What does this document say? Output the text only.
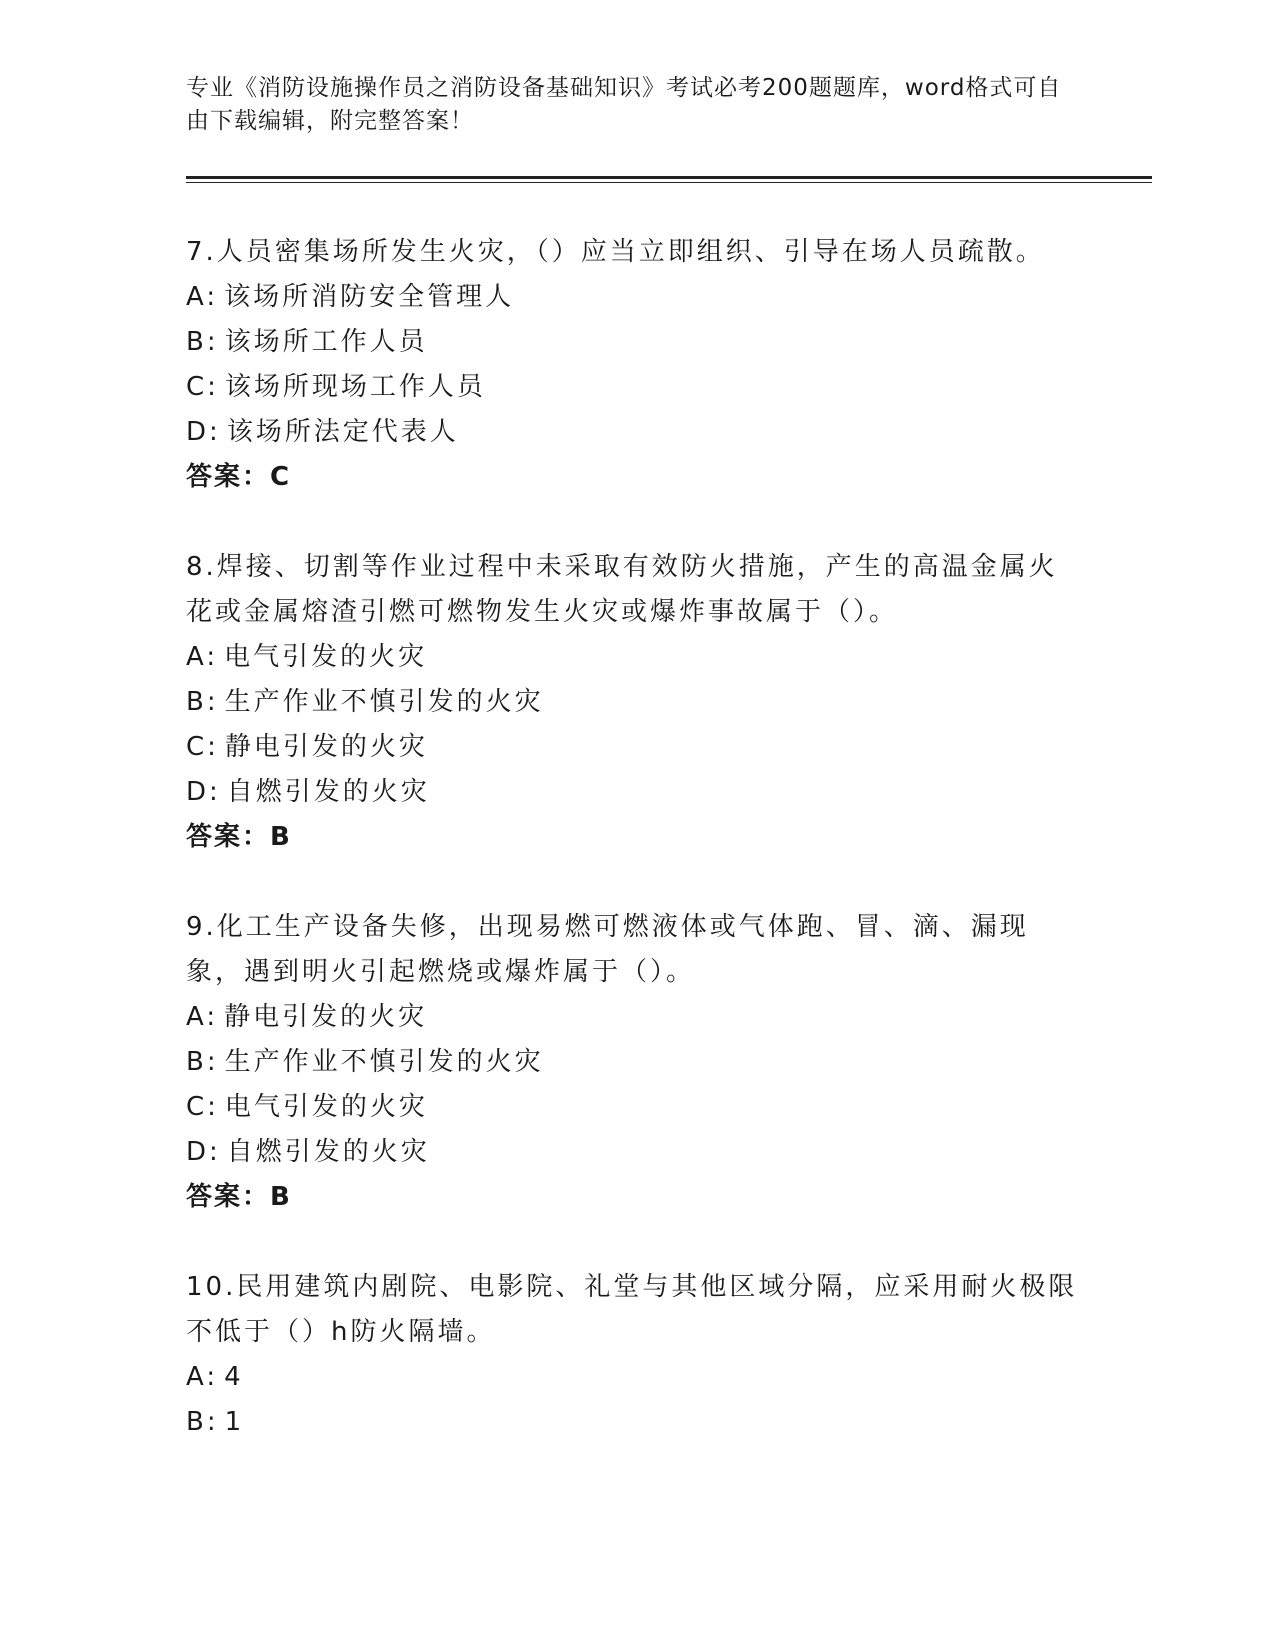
专业《消防设施操作员之消防设备基础知识》考试必考200题题库，word格式可自由下载编辑，附完整答案！

7.人员密集场所发生火灾，（）应当立即组织、引导在场人员疏散。

A: 该场所消防安全管理人

B: 该场所工作人员

C: 该场所现场工作人员

D: 该场所法定代表人

答案：C

8.焊接、切割等作业过程中未采取有效防火措施，产生的高温金属火花或金属熔渣引燃可燃物发生火灾或爆炸事故属于（）。

A: 电气引发的火灾

B: 生产作业不慎引发的火灾

C: 静电引发的火灾

D: 自燃引发的火灾

答案：B

9.化工生产设备失修，出现易燃可燃液体或气体跑、冒、滴、漏现象，遇到明火引起燃烧或爆炸属于（）。

A: 静电引发的火灾

B: 生产作业不慎引发的火灾

C: 电气引发的火灾

D: 自燃引发的火灾

答案：B

10.民用建筑内剧院、电影院、礼堂与其他区域分隔，应采用耐火极限不低于（）h防火隔墙。

A: 4

B: 1
